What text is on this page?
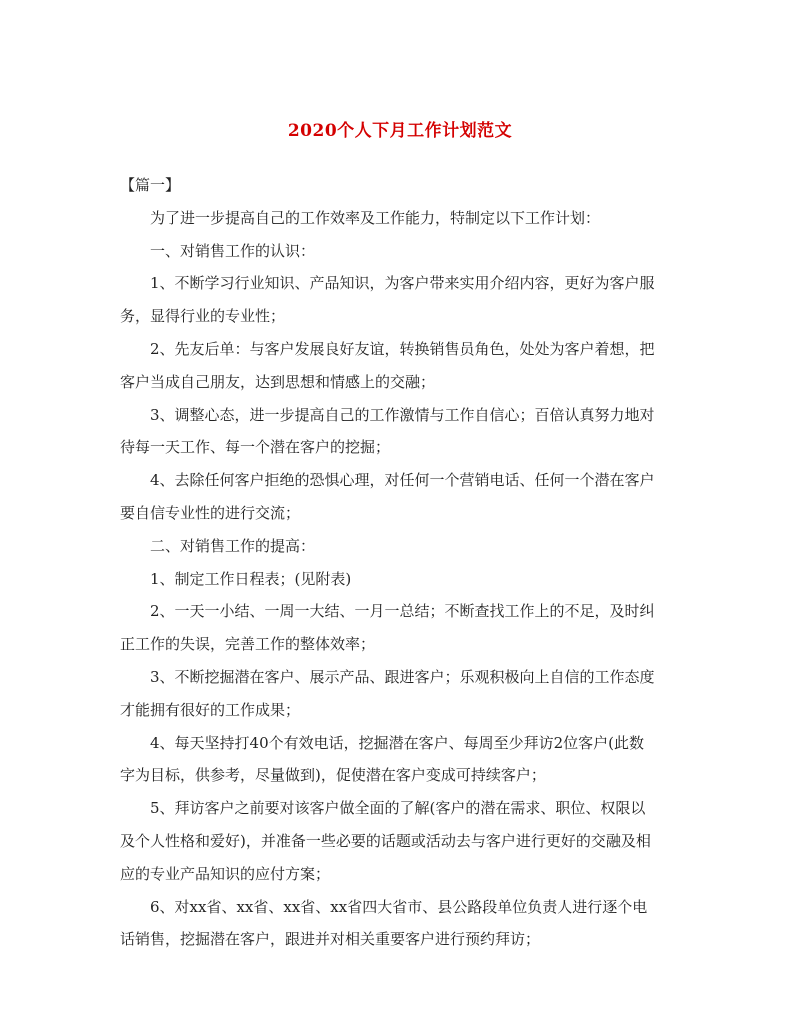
2020个人下月工作计划范文
【篇一】
为了进一步提高自己的工作效率及工作能力，特制定以下工作计划：
一、对销售工作的认识：
1、不断学习行业知识、产品知识，为客户带来实用介绍内容，更好为客户服
务，显得行业的专业性；
2、先友后单：与客户发展良好友谊，转换销售员角色，处处为客户着想，把
客户当成自己朋友，达到思想和情感上的交融；
3、调整心态，进一步提高自己的工作激情与工作自信心；百倍认真努力地对
待每一天工作、每一个潜在客户的挖掘；
4、去除任何客户拒绝的恐惧心理，对任何一个营销电话、任何一个潜在客户
要自信专业性的进行交流；
二、对销售工作的提高：
1、制定工作日程表；(见附表)
2、一天一小结、一周一大结、一月一总结；不断查找工作上的不足，及时纠
正工作的失误，完善工作的整体效率；
3、不断挖掘潜在客户、展示产品、跟进客户；乐观积极向上自信的工作态度
才能拥有很好的工作成果；
4、每天坚持打40个有效电话，挖掘潜在客户、每周至少拜访2位客户(此数
字为目标，供参考，尽量做到)，促使潜在客户变成可持续客户；
5、拜访客户之前要对该客户做全面的了解(客户的潜在需求、职位、权限以
及个人性格和爱好)，并准备一些必要的话题或活动去与客户进行更好的交融及相
应的专业产品知识的应付方案；
6、对xx省、xx省、xx省、xx省四大省市、县公路段单位负责人进行逐个电
话销售，挖掘潜在客户，跟进并对相关重要客户进行预约拜访；
